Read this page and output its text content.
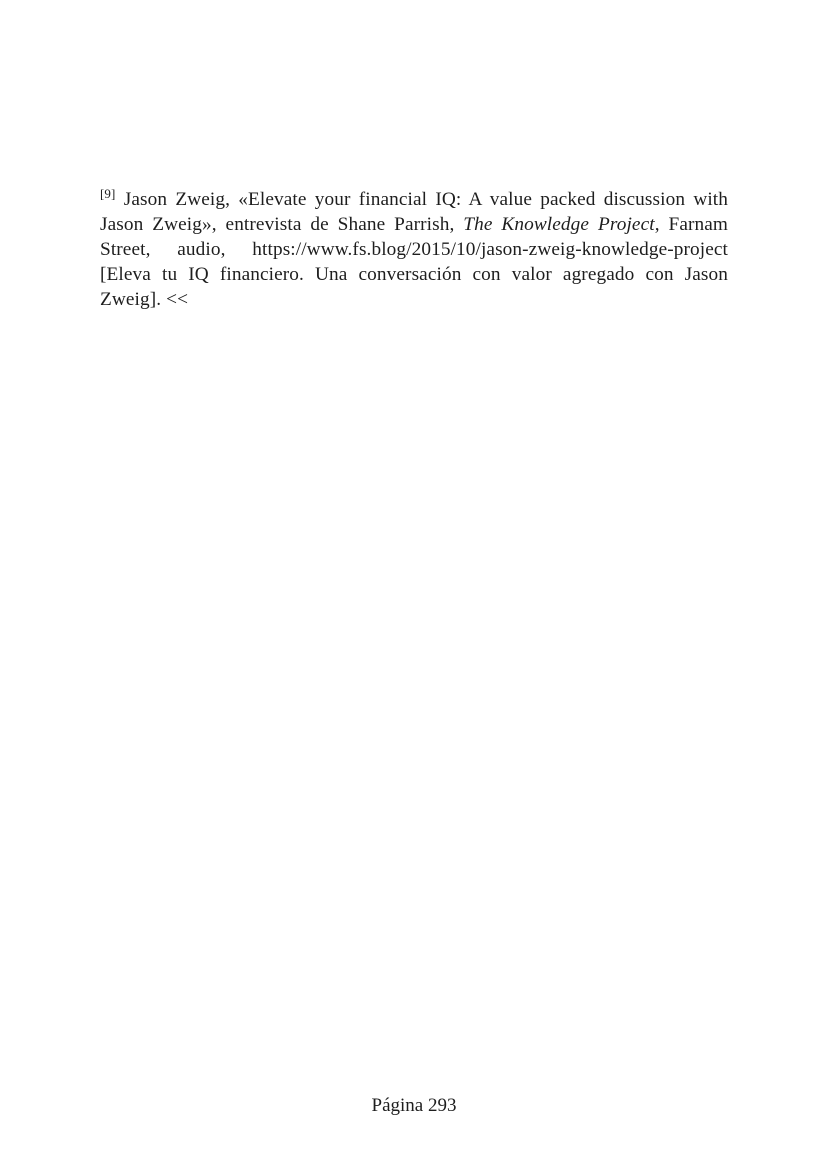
[9] Jason Zweig, «Elevate your financial IQ: A value packed discussion with Jason Zweig», entrevista de Shane Parrish, The Knowledge Project, Farnam Street, audio, https://www.fs.blog/2015/10/jason-zweig-knowledge-project [Eleva tu IQ financiero. Una conversación con valor agregado con Jason Zweig]. <<

Página 293
